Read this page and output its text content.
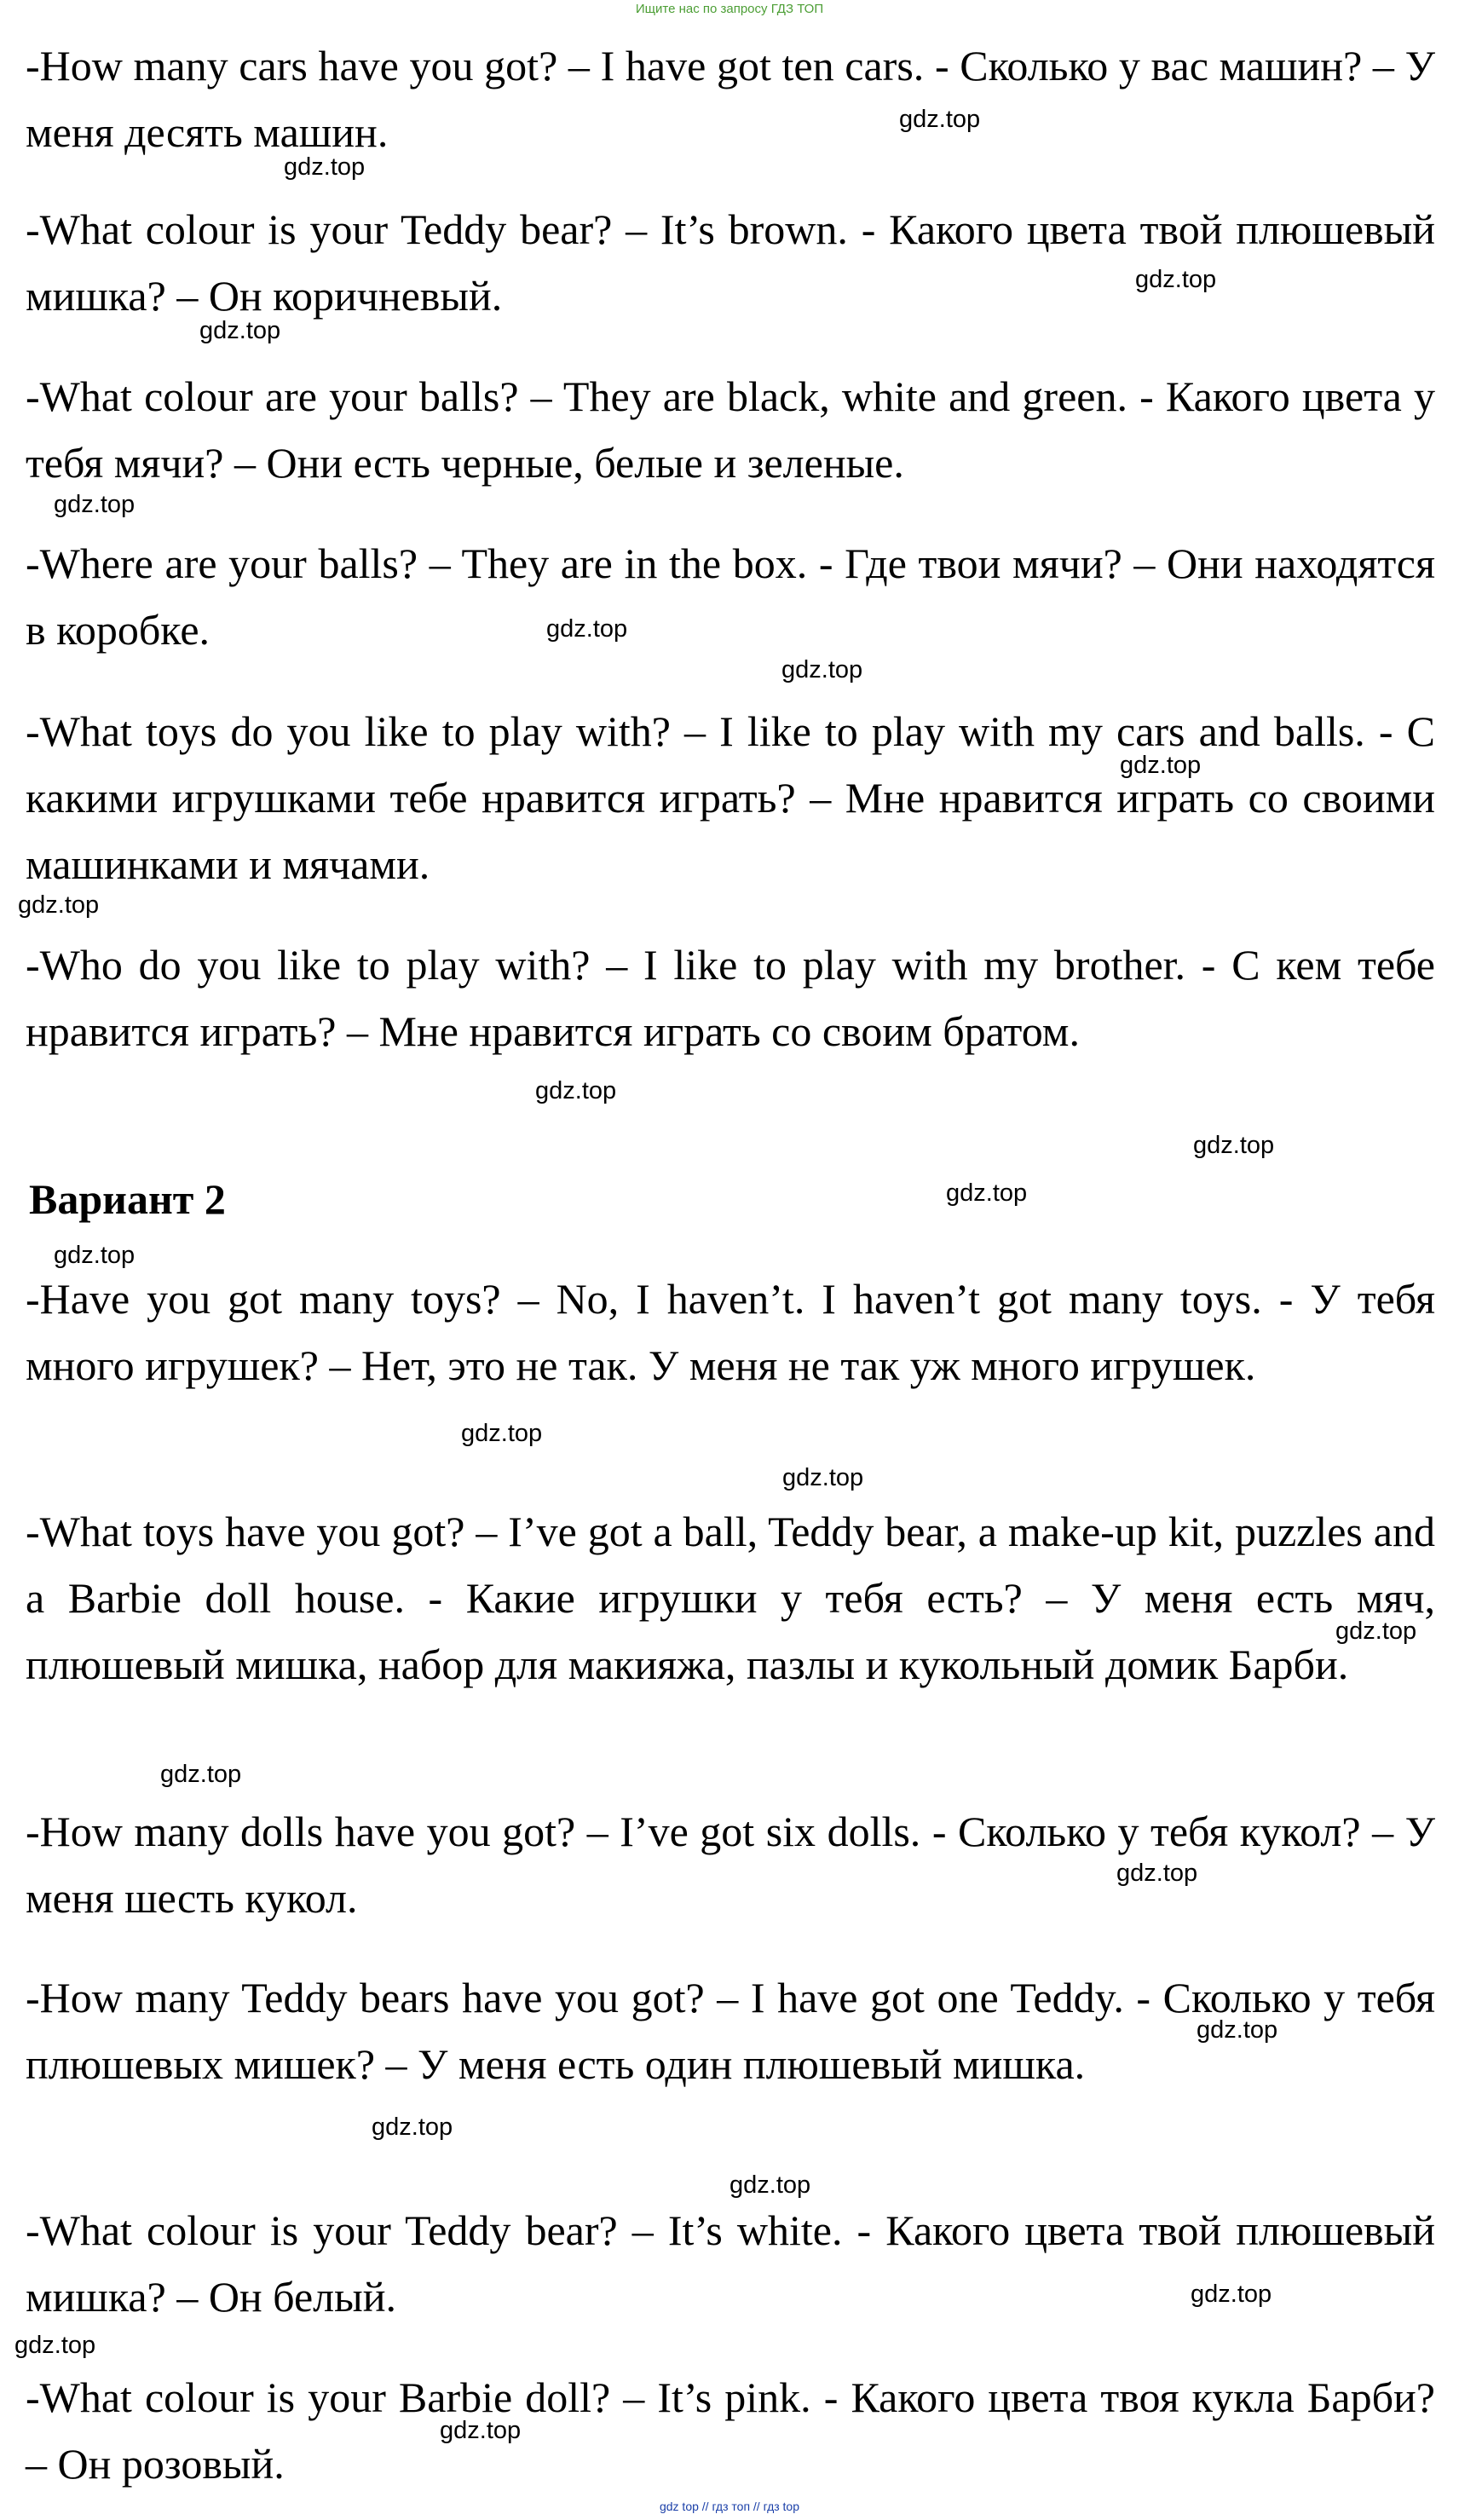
Ищите нас по запросу ГДЗ ТОП

-How many cars have you got? – I have got ten cars. - Сколько у вас машин? – У меня десять машин.

-What colour is your Teddy bear? – It’s brown. - Какого цвета твой плюшевый мишка? – Он коричневый.

-What colour are your balls? – They are black, white and green. - Какого цвета у тебя мячи? – Они есть черные, белые и зеленые.

-Where are your balls? – They are in the box. - Где твои мячи? – Они находятся в коробке.

-What toys do you like to play with? – I like to play with my cars and balls. - С какими игрушками тебе нравится играть? – Мне нравится играть со своими машинками и мячами.

-Who do you like to play with? – I like to play with my brother. - С кем тебе нравится играть? – Мне нравится играть со своим братом.

Вариант 2

-Have you got many toys? – No, I haven’t. I haven’t got many toys. - У тебя много игрушек? – Нет, это не так. У меня не так уж много игрушек.

-What toys have you got? – I’ve got a ball, Teddy bear, a make-up kit, puzzles and a Barbie doll house. - Какие игрушки у тебя есть? – У меня есть мяч, плюшевый мишка, набор для макияжа, пазлы и кукольный домик Барби.

-How many dolls have you got? – I’ve got six dolls. - Сколько у тебя кукол? – У меня шесть кукол.

-How many Teddy bears have you got? – I have got one Teddy. - Сколько у тебя плюшевых мишек? – У меня есть один плюшевый мишка.

-What colour is your Teddy bear? – It’s white. - Какого цвета твой плюшевый мишка? – Он белый.

-What colour is your Barbie doll? – It’s pink. - Какого цвета твоя кукла Барби? – Он розовый.

gdz.top
gdz.top
gdz.top
gdz.top
gdz.top
gdz.top
gdz.top
gdz.top
gdz.top
gdz.top
gdz.top
gdz.top
gdz.top
gdz.top
gdz.top
gdz.top
gdz.top
gdz.top
gdz.top
gdz.top
gdz.top
gdz.top
gdz.top
gdz.top
gdz top // гдз топ // гдз top
